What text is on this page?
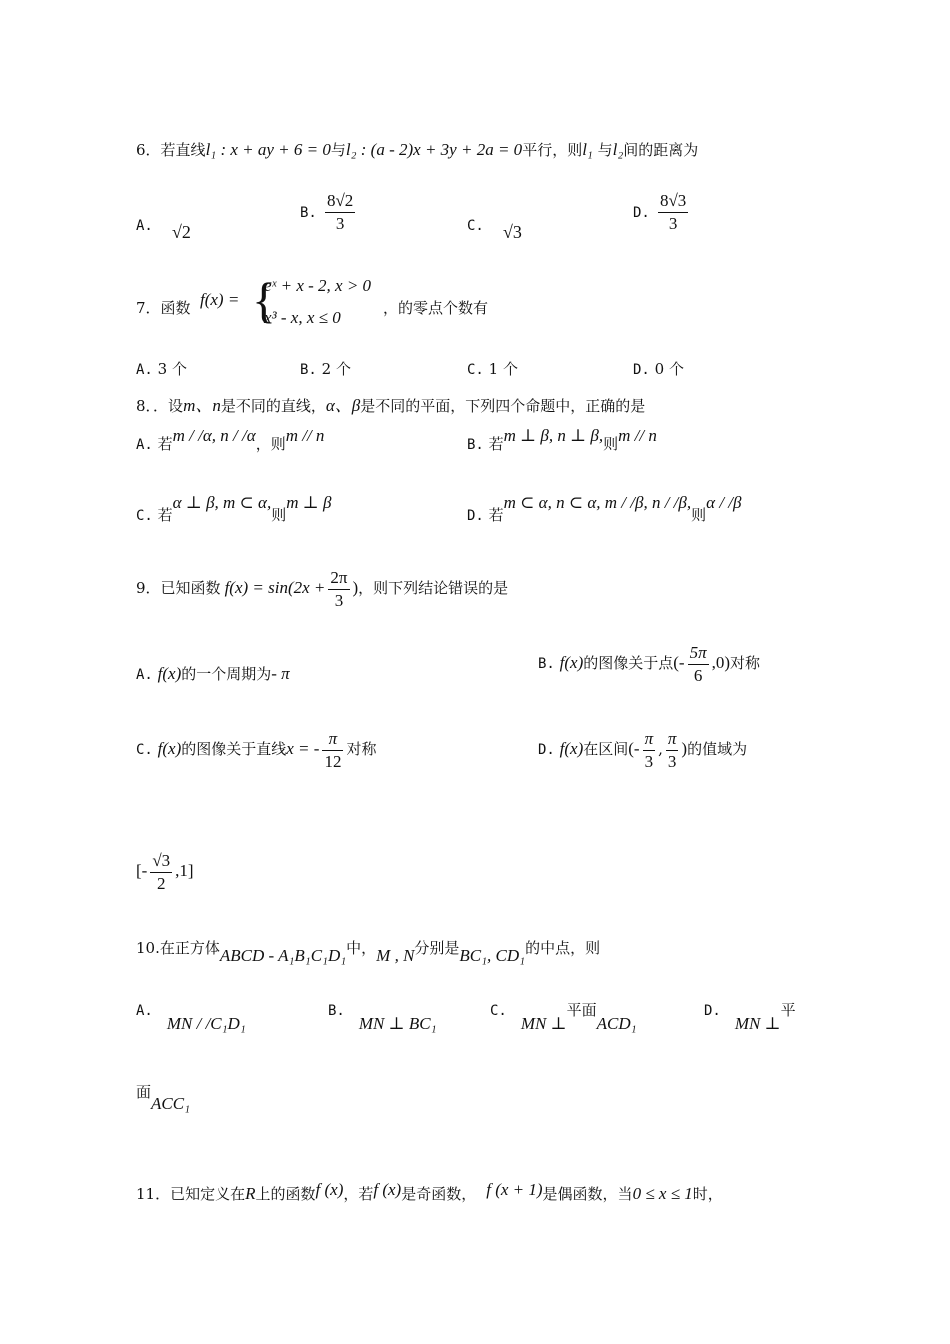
6．若直线l₁ : x + ay + 6 = 0与l₂ : (a - 2)x + 3y + 2a = 0平行，则l₁ 与l₂间的距离为
A. √2
B. $\frac{8√2}{3}$	C. √3
D. $\frac{8√3}{3}$
7．函数 f(x) = {
eˣ + x - 2, x > 0
x³ - x, x ≤ 0	，的零点个数有
A. 3 个	B. 2 个	C. 1 个	D. 0 个
8．．设m、n是不同的直线，α、β是不同的平面，下列四个命题中，正确的是
A. 若m / /α, n / /α，则m // n	B. 若m ⊥ β, n ⊥ β,则m // n
C. 若α ⊥ β, m ⊂ α,则m ⊥ β
D. 若m ⊂ α, n ⊂ α, m / /β, n / /β,则α / /β
9．已知函数 $f(x) = \sin(2x + \frac{2\pi}{3}$ )，则下列结论错误的是
A. f(x)的一个周期为- π	B. f(x)的图像关于点(- $\frac{5\pi}{6} ,0$)对称
C. f(x)的图像关于直线x = - $\frac{\pi}{12}$ 对称	D. f(x)在区间(- $\frac{\pi}{3}$ , $\frac{\pi}{3}$ )的值域为
[- $\frac{√3}{2} ,1$]
10.在正方体ABCD - A₁B₁C₁D₁中，M , N分别是BC₁, CD₁的中点，则
A.MN / /C₁D₁
B.MN ⊥ BC₁
C.MN ⊥平面ACD₁
D.MN ⊥平
面ACC₁
11．已知定义在R上的函数f (x)，若f (x)是奇函数， f (x + 1)是偶函数，当0 ≤ x ≤ 1时，
